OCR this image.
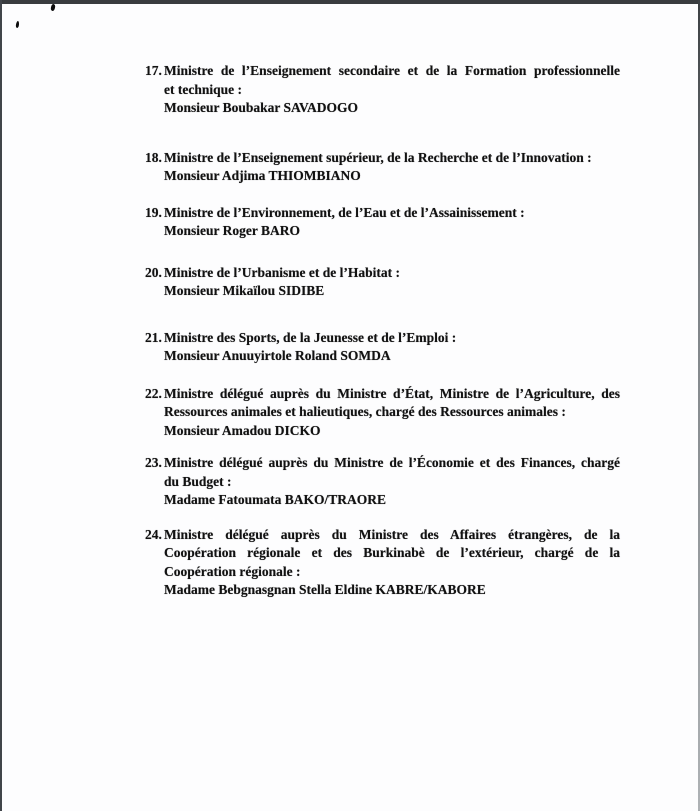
17. Ministre de l’Enseignement secondaire et de la Formation professionnelle
et technique :
Monsieur Boubakar SAVADOGO
18. Ministre de l’Enseignement supérieur, de la Recherche et de l’Innovation :
Monsieur Adjima THIOMBIANO
19. Ministre de l’Environnement, de l’Eau et de l’Assainissement :
Monsieur Roger BARO
20. Ministre de l’Urbanisme et de l’Habitat :
Monsieur Mikaïlou SIDIBE
21. Ministre des Sports, de la Jeunesse et de l’Emploi :
Monsieur Anuuyirtole Roland SOMDA
22. Ministre délégué auprès du Ministre d’État, Ministre de l’Agriculture, des
Ressources animales et halieutiques, chargé des Ressources animales :
Monsieur Amadou DICKO
23. Ministre délégué auprès du Ministre de l’Économie et des Finances, chargé
du Budget :
Madame Fatoumata BAKO/TRAORE
24. Ministre délégué auprès du Ministre des Affaires étrangères, de la
Coopération régionale et des Burkinabè de l’extérieur, chargé de la
Coopération régionale :
Madame Bebgnasgnan Stella Eldine KABRE/KABORE
